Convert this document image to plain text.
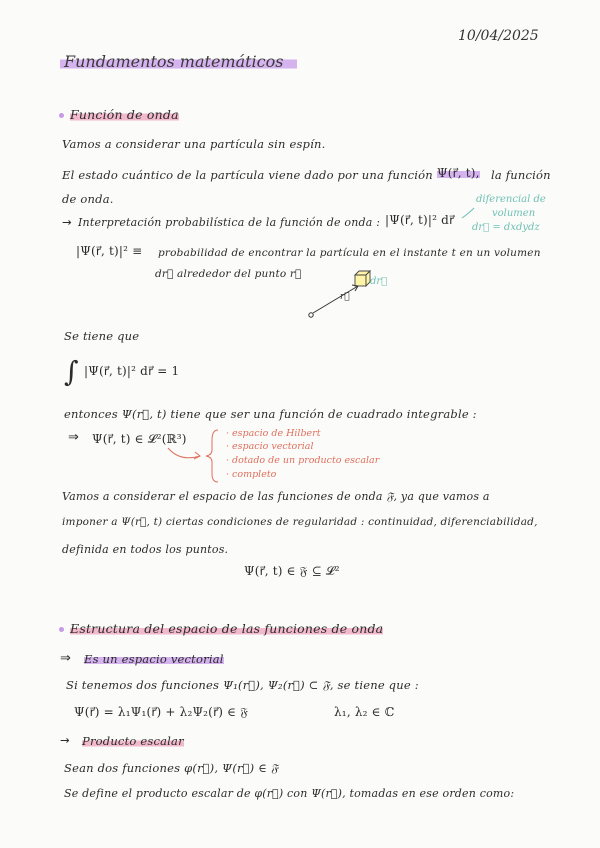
10/04/2025
Fundamentos matemáticos
Función de onda
Vamos a considerar una partícula sin espín.
El estado cuántico de la partícula viene dado por una función Ψ(r⃗, t), la función
de onda.
→ Interpretación probabilística de la función de onda : |Ψ(r⃗, t)|² dr⃗
diferencial de
volumen
dr⃗ = dxdydz
|Ψ(r⃗, t)|² ≡ probabilidad de encontrar la partícula en el instante t en un volumen
dr⃗ alrededor del punto r⃗
dr⃗
r⃗
Se tiene que
∫ |Ψ(r⃗, t)|² dr⃗ = 1
entonces Ψ(r⃗, t) tiene que ser una función de cuadrado integrable :
⇒ Ψ(r⃗, t) ∈ 𝓛²(ℝ³)	· espacio de Hilbert
· espacio vectorial
· dotado de un producto escalar
· completo
Vamos a considerar el espacio de las funciones de onda 𝔉, ya que vamos a
imponer a Ψ(r⃗, t) ciertas condiciones de regularidad : continuidad, diferenciabilidad,
definida en todos los puntos.
Ψ(r⃗, t) ∈ 𝔉 ⊆ 𝓛²
Estructura del espacio de las funciones de onda
⇒ Es un espacio vectorial
Si tenemos dos funciones Ψ₁(r⃗), Ψ₂(r⃗) ⊂ 𝔉, se tiene que :
Ψ(r⃗) = λ₁Ψ₁(r⃗) + λ₂Ψ₂(r⃗) ∈ 𝔉	λ₁, λ₂ ∈ ℂ
→ Producto escalar
Sean dos funciones φ(r⃗), Ψ(r⃗) ∈ 𝔉
Se define el producto escalar de φ(r⃗) con Ψ(r⃗), tomadas en ese orden como:
